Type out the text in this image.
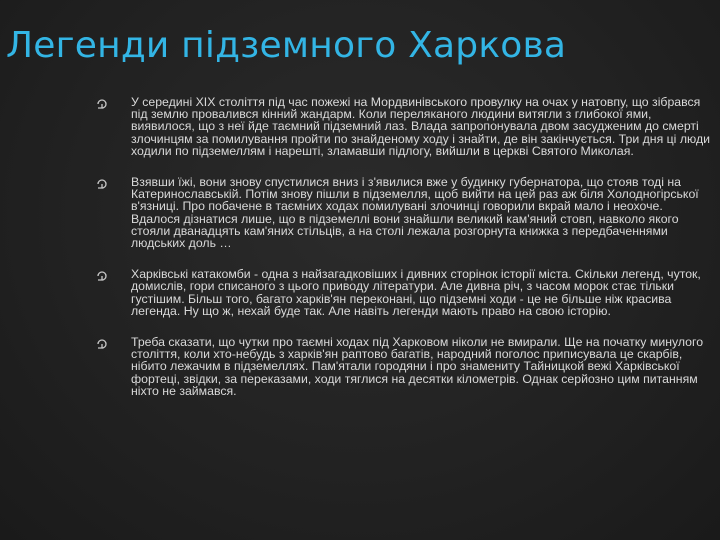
Легенди підземного Харкова
У середині ХІХ століття під час пожежі на Мордвинівського провулку на очах у натовпу, що зібрався під землю провалився кінний жандарм. Коли переляканого людини витягли з глибокої ями, виявилося, що з неї йде таємний підземний лаз. Влада запропонувала двом засудженим до смерті злочинцям за помилування пройти по знайденому ходу і знайти, де він закінчується. Три дня ці люди ходили по підземеллям і нарешті, зламавши підлогу, вийшли в церкві Святого Миколая.
Взявши їжі, вони знову спустилися вниз і з'явилися вже у будинку губернатора, що стояв тоді на Катеринославській. Потім знову пішли в підземелля, щоб вийти на цей раз аж біля Холодногірської в'язниці. Про побачене в таємних ходах помилувані злочинці говорили вкрай мало і неохоче. Вдалося дізнатися лише, що в підземеллі вони знайшли великий кам'яний стовп, навколо якого стояли дванадцять кам'яних стільців, а на столі лежала розгорнута книжка з передбаченнями людських доль …
Харківські катакомби - одна з найзагадковіших і дивних сторінок історії міста. Скільки легенд, чуток, домислів, гори списаного з цього приводу літератури. Але дивна річ, з часом морок стає тільки густішим. Більш того, багато харків'ян переконані, що підземні ходи - це не більше ніж красива легенда. Ну що ж, нехай буде так. Але навіть легенди мають право на свою історію.
Треба сказати, що чутки про таємні ходах під Харковом ніколи не вмирали. Ще на початку минулого століття, коли хто-небудь з харків'ян раптово багатів, народний поголос приписувала це скарбів, нібито лежачим в підземеллях. Пам'ятали городяни і про знамениту Тайницкой вежі Харківської фортеці, звідки, за переказами, ходи тяглися на десятки кілометрів. Однак серйозно цим питанням ніхто не займався.
